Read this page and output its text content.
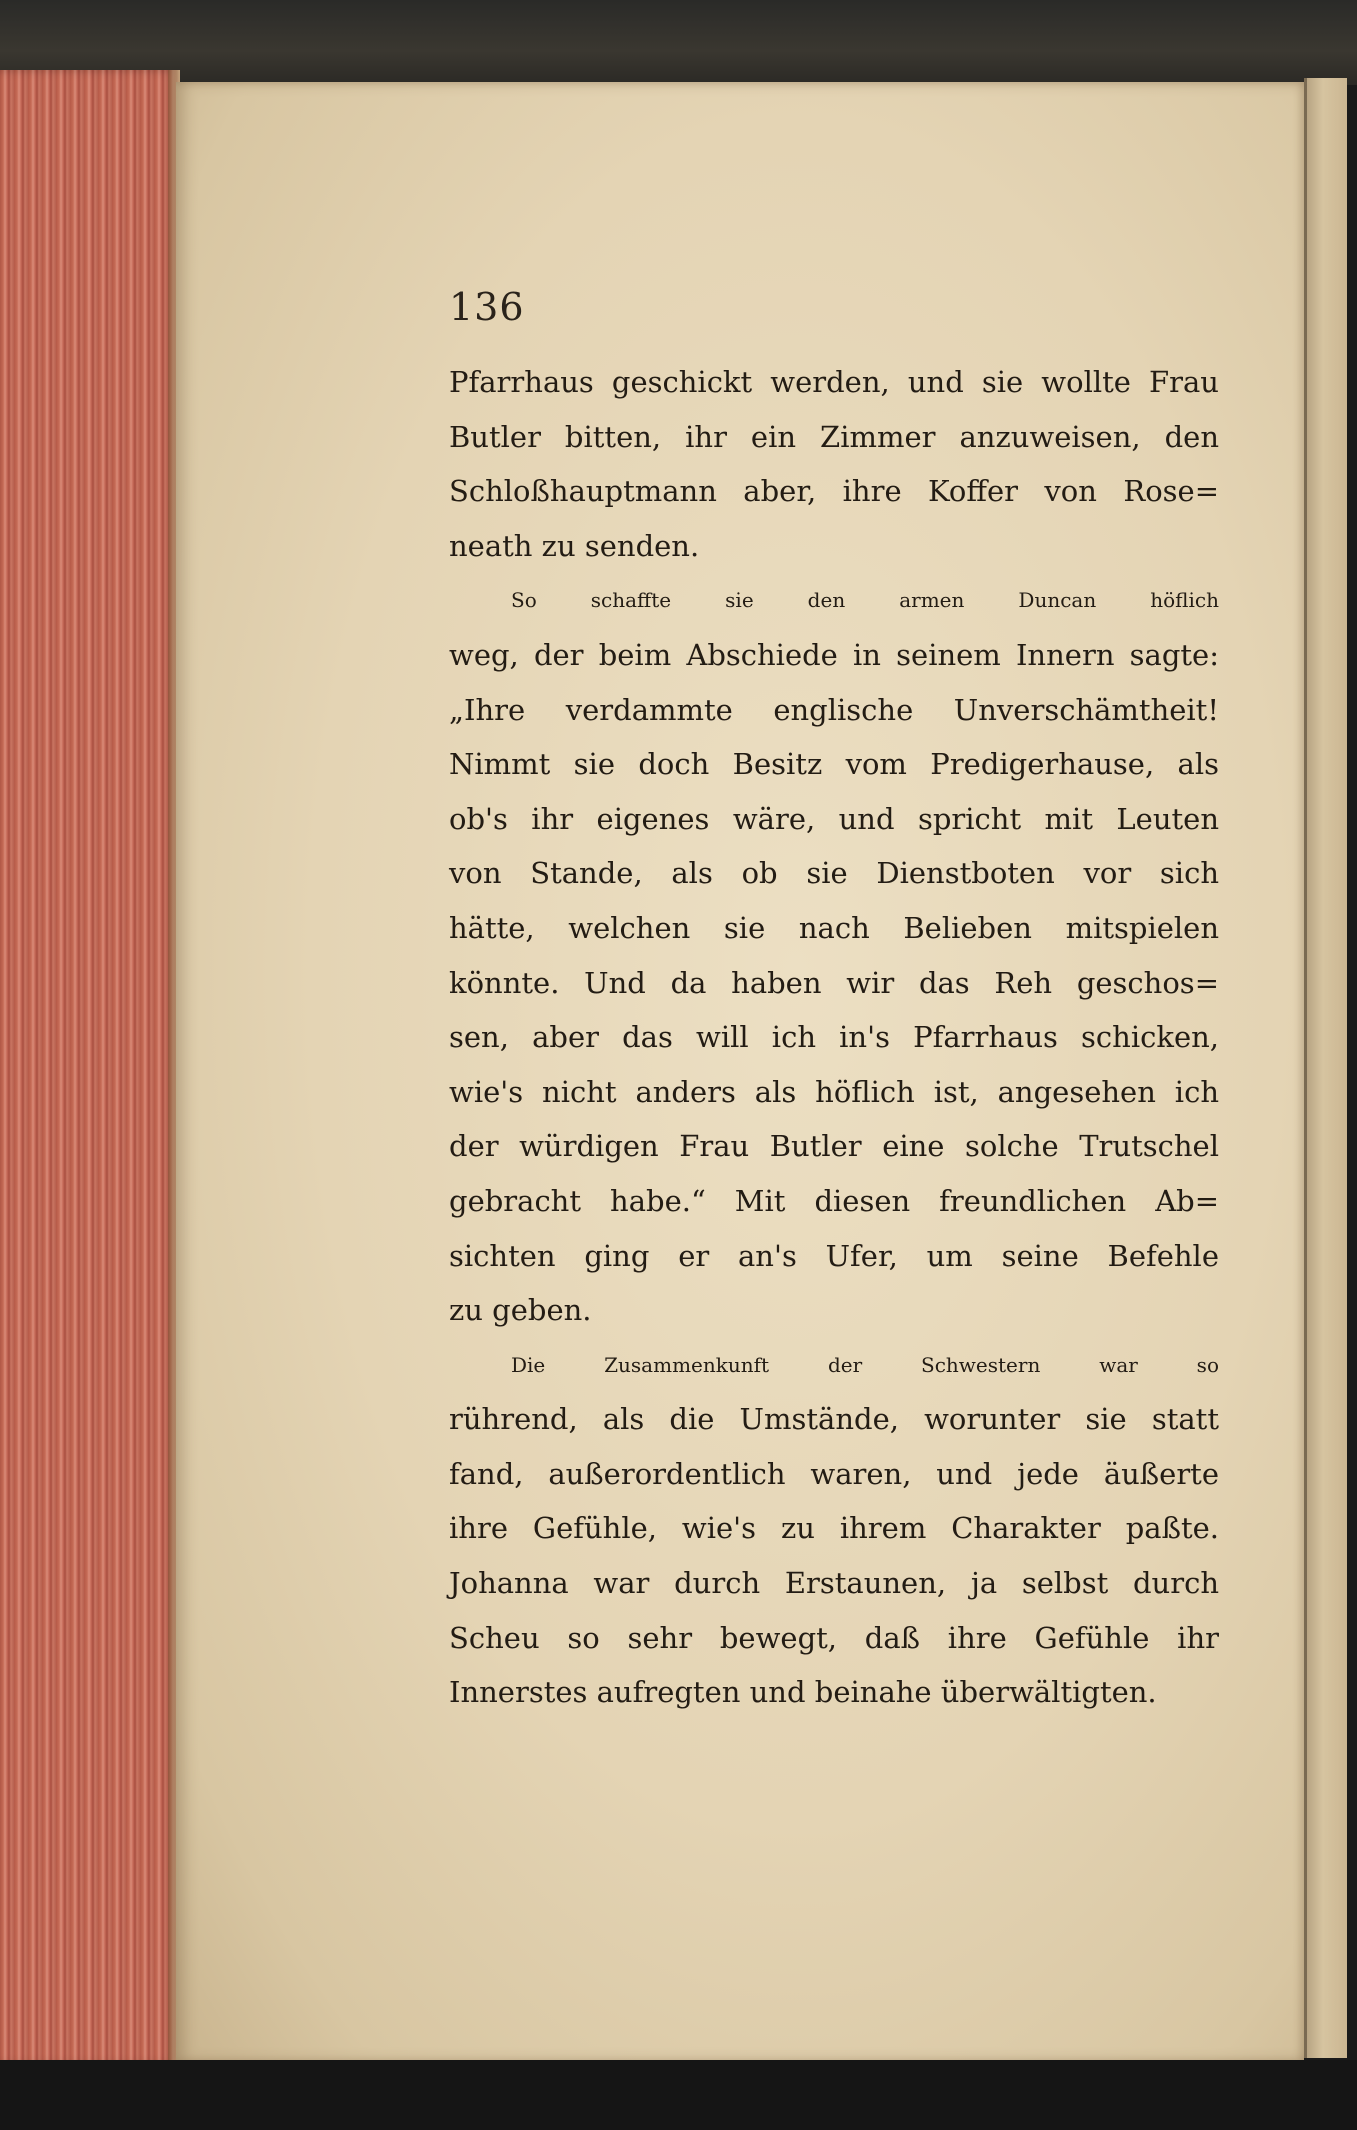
136
Pfarrhaus geschickt werden, und sie wollte Frau
Butler bitten, ihr ein Zimmer anzuweisen, den
Schloßhauptmann aber, ihre Koffer von Rose=
neath zu senden.
So schaffte sie den armen Duncan höflich
weg, der beim Abschiede in seinem Innern sagte:
„Ihre verdammte englische Unverschämtheit!
Nimmt sie doch Besitz vom Predigerhause, als
ob's ihr eigenes wäre, und spricht mit Leuten
von Stande, als ob sie Dienstboten vor sich
hätte, welchen sie nach Belieben mitspielen
könnte. Und da haben wir das Reh geschos=
sen, aber das will ich in's Pfarrhaus schicken,
wie's nicht anders als höflich ist, angesehen ich
der würdigen Frau Butler eine solche Trutschel
gebracht habe.“ Mit diesen freundlichen Ab=
sichten ging er an's Ufer, um seine Befehle
zu geben.
Die Zusammenkunft der Schwestern war so
rührend, als die Umstände, worunter sie statt
fand, außerordentlich waren, und jede äußerte
ihre Gefühle, wie's zu ihrem Charakter paßte.
Johanna war durch Erstaunen, ja selbst durch
Scheu so sehr bewegt, daß ihre Gefühle ihr
Innerstes aufregten und beinahe überwältigten.
